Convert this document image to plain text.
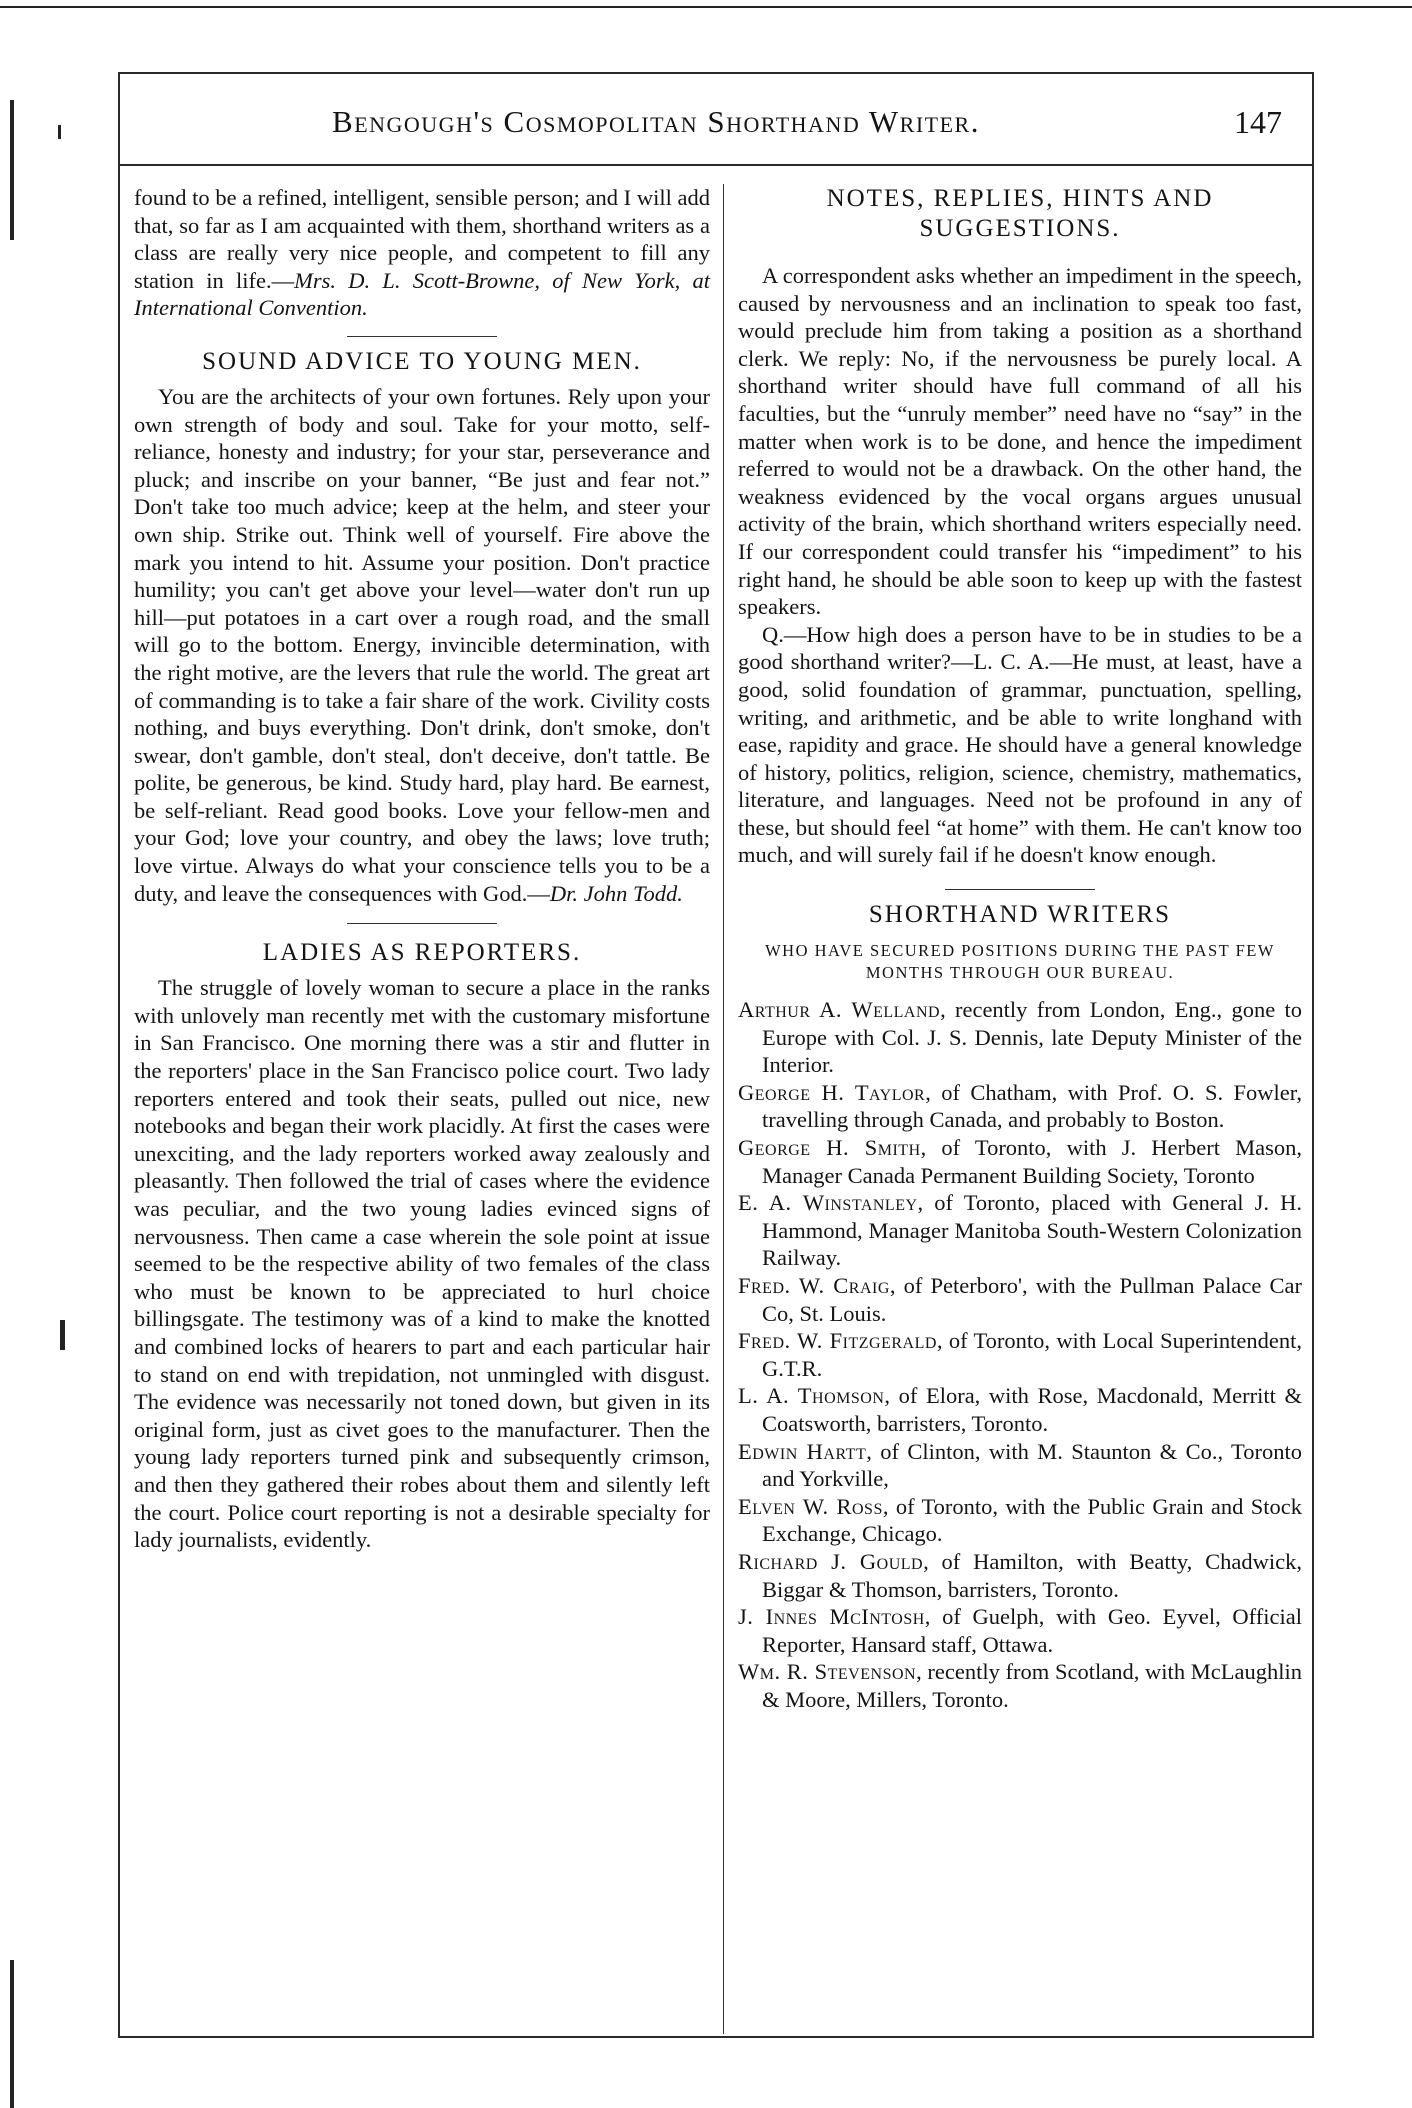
Bengough's Cosmopolitan Shorthand Writer.	147

found to be a refined, intelligent, sensible person; and I will add that, so far as I am acquainted with them, shorthand writers as a class are really very nice people, and competent to fill any station in life.—Mrs. D. L. Scott-Browne, of New York, at International Convention.

SOUND ADVICE TO YOUNG MEN.

You are the architects of your own fortunes. Rely upon your own strength of body and soul. Take for your motto, self-reliance, honesty and industry; for your star, perseverance and pluck; and inscribe on your banner, “Be just and fear not.” Don't take too much advice; keep at the helm, and steer your own ship. Strike out. Think well of yourself. Fire above the mark you intend to hit. Assume your position. Don't practice humility; you can't get above your level—water don't run up hill—put potatoes in a cart over a rough road, and the small will go to the bottom. Energy, invincible determination, with the right motive, are the levers that rule the world. The great art of commanding is to take a fair share of the work. Civility costs nothing, and buys everything. Don't drink, don't smoke, don't swear, don't gamble, don't steal, don't deceive, don't tattle. Be polite, be generous, be kind. Study hard, play hard. Be earnest, be self-reliant. Read good books. Love your fellow-men and your God; love your country, and obey the laws; love truth; love virtue. Always do what your conscience tells you to be a duty, and leave the consequences with God.—Dr. John Todd.

LADIES AS REPORTERS.

The struggle of lovely woman to secure a place in the ranks with unlovely man recently met with the customary misfortune in San Francisco. One morning there was a stir and flutter in the reporters' place in the San Francisco police court. Two lady reporters entered and took their seats, pulled out nice, new notebooks and began their work placidly. At first the cases were unexciting, and the lady reporters worked away zealously and pleasantly. Then followed the trial of cases where the evidence was peculiar, and the two young ladies evinced signs of nervousness. Then came a case wherein the sole point at issue seemed to be the respective ability of two females of the class who must be known to be appreciated to hurl choice billingsgate. The testimony was of a kind to make the knotted and combined locks of hearers to part and each particular hair to stand on end with trepidation, not unmingled with disgust. The evidence was necessarily not toned down, but given in its original form, just as civet goes to the manufacturer. Then the young lady reporters turned pink and subsequently crimson, and then they gathered their robes about them and silently left the court. Police court reporting is not a desirable specialty for lady journalists, evidently.

NOTES, REPLIES, HINTS AND SUGGESTIONS.

A correspondent asks whether an impediment in the speech, caused by nervousness and an inclination to speak too fast, would preclude him from taking a position as a shorthand clerk. We reply: No, if the nervousness be purely local. A shorthand writer should have full command of all his faculties, but the “unruly member” need have no “say” in the matter when work is to be done, and hence the impediment referred to would not be a drawback. On the other hand, the weakness evidenced by the vocal organs argues unusual activity of the brain, which shorthand writers especially need. If our correspondent could transfer his “impediment” to his right hand, he should be able soon to keep up with the fastest speakers.

Q.—How high does a person have to be in studies to be a good shorthand writer?—L. C. A.—He must, at least, have a good, solid foundation of grammar, punctuation, spelling, writing, and arithmetic, and be able to write longhand with ease, rapidity and grace. He should have a general knowledge of history, politics, religion, science, chemistry, mathematics, literature, and languages. Need not be profound in any of these, but should feel “at home” with them. He can't know too much, and will surely fail if he doesn't know enough.

SHORTHAND WRITERS
WHO HAVE SECURED POSITIONS DURING THE PAST FEW MONTHS THROUGH OUR BUREAU.

Arthur A. Welland, recently from London, Eng., gone to Europe with Col. J. S. Dennis, late Deputy Minister of the Interior.

George H. Taylor, of Chatham, with Prof. O. S. Fowler, travelling through Canada, and probably to Boston.

George H. Smith, of Toronto, with J. Herbert Mason, Manager Canada Permanent Building Society, Toronto

E. A. Winstanley, of Toronto, placed with General J. H. Hammond, Manager Manitoba South-Western Colonization Railway.

Fred. W. Craig, of Peterboro', with the Pullman Palace Car Co, St. Louis.

Fred. W. Fitzgerald, of Toronto, with Local Superintendent, G.T.R.

L. A. Thomson, of Elora, with Rose, Macdonald, Merritt & Coatsworth, barristers, Toronto.

Edwin Hartt, of Clinton, with M. Staunton & Co., Toronto and Yorkville,

Elven W. Ross, of Toronto, with the Public Grain and Stock Exchange, Chicago.

Richard J. Gould, of Hamilton, with Beatty, Chadwick, Biggar & Thomson, barristers, Toronto.

J. Innes McIntosh, of Guelph, with Geo. Eyvel, Official Reporter, Hansard staff, Ottawa.

Wm. R. Stevenson, recently from Scotland, with McLaughlin & Moore, Millers, Toronto.
